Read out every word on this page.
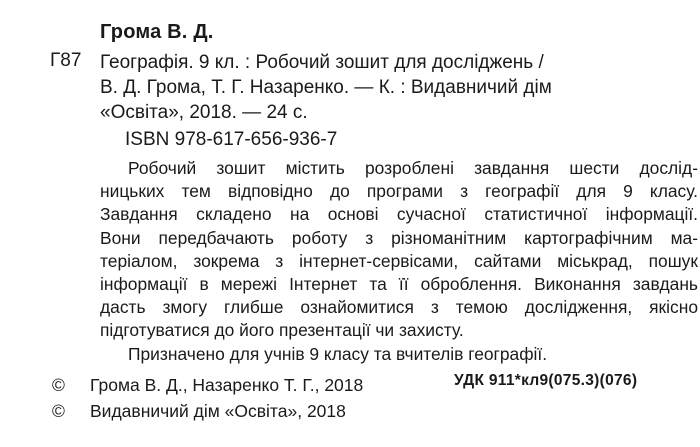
Грома В. Д.
Г87 Географія. 9 кл. : Робочий зошит для досліджень /
В. Д. Грома, Т. Г. Назаренко. — К. : Видавничий дім
«Освіта», 2018. — 24 с.
ISBN 978-617-656-936-7
Робочий зошит містить розроблені завдання шести дослід-
ницьких тем відповідно до програми з географії для 9 класу.
Завдання складено на основі сучасної статистичної інформації.
Вони передбачають роботу з різноманітним картографічним ма-
теріалом, зокрема з інтернет-сервісами, сайтами міськрад, пошук
інформації в мережі Інтернет та її оброблення. Виконання завдань
дасть змогу глибше ознайомитися з темою дослідження, якісно
підготуватися до його презентації чи захисту.
Призначено для учнів 9 класу та вчителів географії.
УДК 911*кл9(075.3)(076)
© Грома В. Д., Назаренко Т. Г., 2018
© Видавничий дім «Освіта», 2018
